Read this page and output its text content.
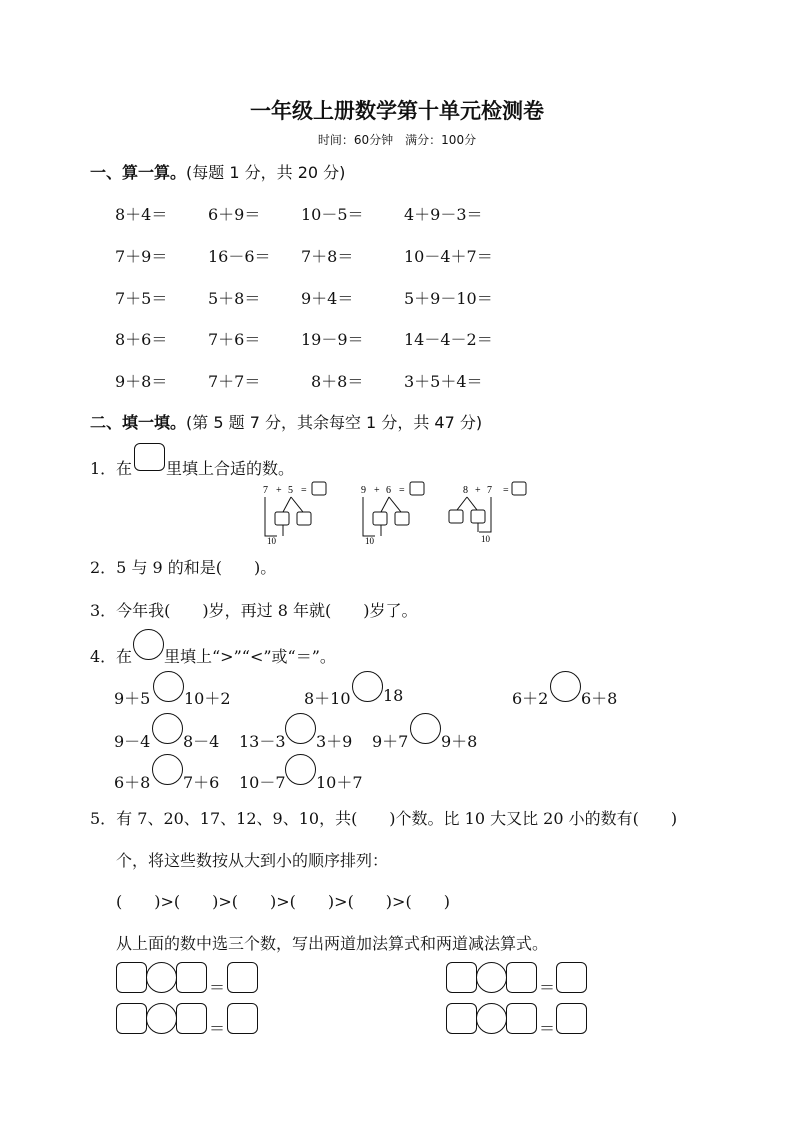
一年级上册数学第十单元检测卷
时间：60分钟　满分：100分
一、算一算。(每题 1 分，共 20 分)
8＋4＝	6＋9＝	10－5＝	4＋9－3＝
7＋9＝	16－6＝ 7＋8＝	10－4＋7＝
7＋5＝	5＋8＝	9＋4＝	5＋9－10＝
8＋6＝	7＋6＝	19－9＝	14－4－2＝
9＋8＝	7＋7＝	8＋8＝	3＋5＋4＝
二、填一填。(第 5 题 7 分，其余每空 1 分，共 47 分)
1． 在 里填上合适的数。
7 + 5 =
10
9 + 6 =
10
8 + 7 =
10
2．5 与 9 的和是(　　)。
3．今年我(　　)岁，再过 8 年就(　　)岁了。
4． 在 里填上“>”“<”或“＝”。
9＋5 10＋2	8＋10 18	6＋2 6＋8
9－4 8－4 13－3 3＋9 9＋7 9＋8
6＋8 7＋6 10－7 10＋7
5．有 7、20、17、12、9、10，共(　　)个数。比 10 大又比 20 小的数有(　　)
个，将这些数按从大到小的顺序排列：
(　　)>(　　)>(　　)>(　　)>(　　)>(　　)
从上面的数中选三个数，写出两道加法算式和两道减法算式。
＝
＝
＝
＝
